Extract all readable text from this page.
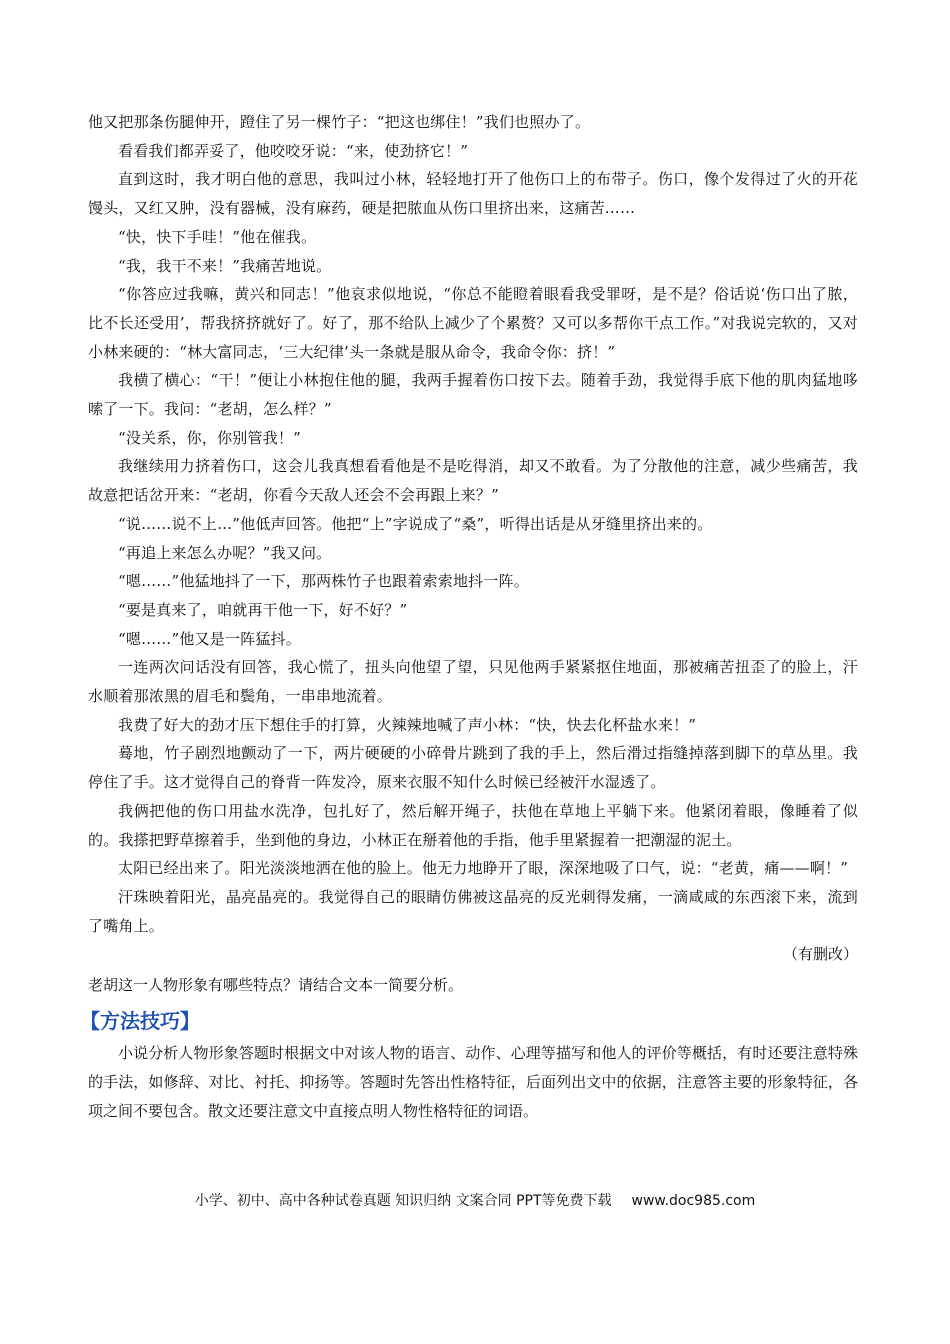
他又把那条伤腿伸开，蹬住了另一棵竹子：“把这也绑住！”我们也照办了。

看看我们都弄妥了，他咬咬牙说：“来，使劲挤它！”

直到这时，我才明白他的意思，我叫过小林，轻轻地打开了他伤口上的布带子。伤口，像个发得过了火的开花馒头，又红又肿，没有器械，没有麻药，硬是把脓血从伤口里挤出来，这痛苦……

“快，快下手哇！”他在催我。

“我，我干不来！”我痛苦地说。

“你答应过我嘛，黄兴和同志！”他哀求似地说，“你总不能瞪着眼看我受罪呀，是不是？俗话说‘伤口出了脓，比不长还受用’，帮我挤挤就好了。好了，那不给队上减少了个累赘？又可以多帮你干点工作。”对我说完软的，又对小林来硬的：“林大富同志，‘三大纪律’头一条就是服从命令，我命令你：挤！”

我横了横心：“干！”便让小林抱住他的腿，我两手握着伤口按下去。随着手劲，我觉得手底下他的肌肉猛地哆嗦了一下。我问：“老胡，怎么样？”

“没关系，你，你别管我！”

我继续用力挤着伤口，这会儿我真想看看他是不是吃得消，却又不敢看。为了分散他的注意，减少些痛苦，我故意把话岔开来：“老胡，你看今天敌人还会不会再跟上来？”

“说……说不上…”他低声回答。他把“上”字说成了“桑”，听得出话是从牙缝里挤出来的。

“再追上来怎么办呢？”我又问。

“嗯……”他猛地抖了一下，那两株竹子也跟着索索地抖一阵。

“要是真来了，咱就再干他一下，好不好？”

“嗯……”他又是一阵猛抖。

一连两次问话没有回答，我心慌了，扭头向他望了望，只见他两手紧紧抠住地面，那被痛苦扭歪了的脸上，汗水顺着那浓黑的眉毛和鬓角，一串串地流着。

我费了好大的劲才压下想住手的打算，火辣辣地喊了声小林：“快，快去化杯盐水来！”

蓦地，竹子剧烈地颤动了一下，两片硬硬的小碎骨片跳到了我的手上，然后滑过指缝掉落到脚下的草丛里。我停住了手。这才觉得自己的脊背一阵发冷，原来衣服不知什么时候已经被汗水湿透了。

我俩把他的伤口用盐水洗净，包扎好了，然后解开绳子，扶他在草地上平躺下来。他紧闭着眼，像睡着了似的。我搽把野草擦着手，坐到他的身边，小林正在掰着他的手指，他手里紧握着一把潮湿的泥土。

太阳已经出来了。阳光淡淡地洒在他的脸上。他无力地睁开了眼，深深地吸了口气，说：“老黄，痛——啊！”

汗珠映着阳光，晶亮晶亮的。我觉得自己的眼睛仿佛被这晶亮的反光刺得发痛，一滴咸咸的东西滚下来，流到了嘴角上。

（有删改）

老胡这一人物形象有哪些特点？请结合文本一简要分析。

【方法技巧】

小说分析人物形象答题时根据文中对该人物的语言、动作、心理等描写和他人的评价等概括，有时还要注意特殊的手法，如修辞、对比、衬托、抑扬等。答题时先答出性格特征，后面列出文中的依据，注意答主要的形象特征，各项之间不要包含。散文还要注意文中直接点明人物性格特征的词语。

小学、初中、高中各种试卷真题 知识归纳 文案合同 PPT等免费下载 www.doc985.com
